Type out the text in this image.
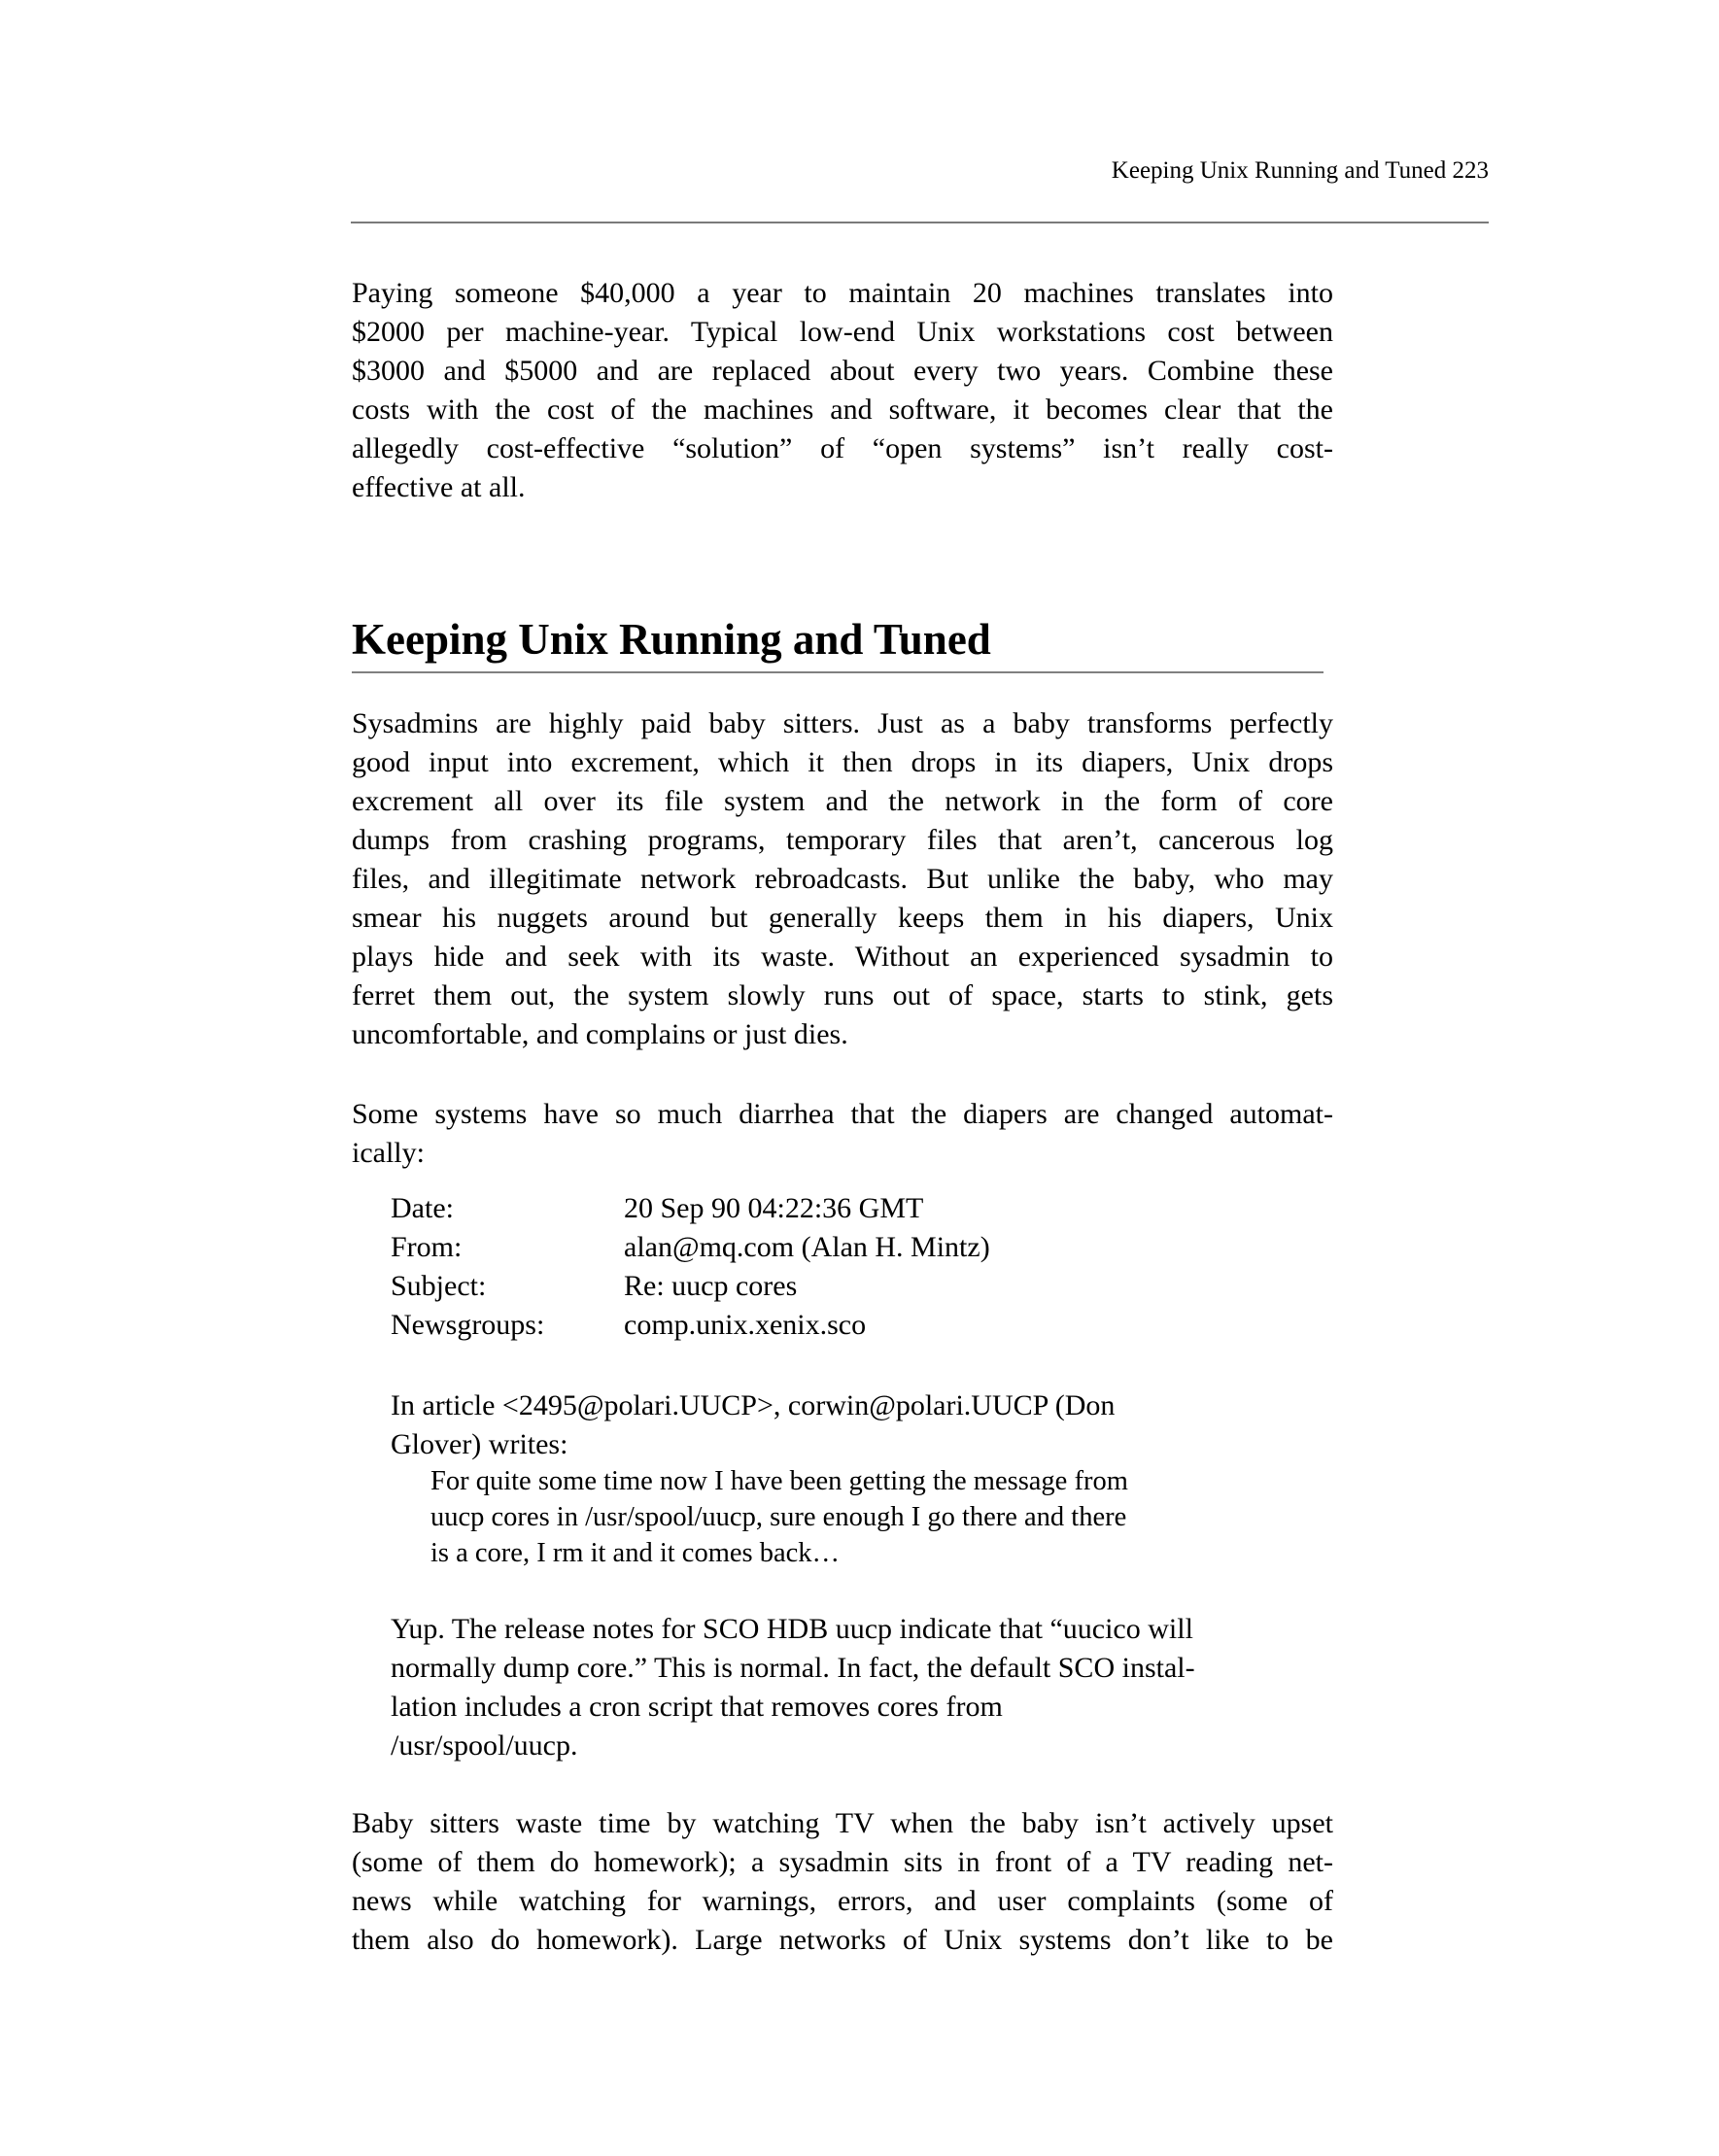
Keeping Unix Running and Tuned 223
Paying someone $40,000 a year to maintain 20 machines translates into
$2000 per machine-year. Typical low-end Unix workstations cost between
$3000 and $5000 and are replaced about every two years. Combine these
costs with the cost of the machines and software, it becomes clear that the
allegedly cost-effective “solution” of “open systems” isn’t really cost-
effective at all.
Keeping Unix Running and Tuned
Sysadmins are highly paid baby sitters. Just as a baby transforms perfectly
good input into excrement, which it then drops in its diapers, Unix drops
excrement all over its file system and the network in the form of core
dumps from crashing programs, temporary files that aren’t, cancerous log
files, and illegitimate network rebroadcasts. But unlike the baby, who may
smear his nuggets around but generally keeps them in his diapers, Unix
plays hide and seek with its waste. Without an experienced sysadmin to
ferret them out, the system slowly runs out of space, starts to stink, gets
uncomfortable, and complains or just dies.
Some systems have so much diarrhea that the diapers are changed automat-
ically:
Date:	20 Sep 90 04:22:36 GMT
From:	alan@mq.com (Alan H. Mintz)
Subject:	Re: uucp cores
Newsgroups:	comp.unix.xenix.sco
In article <2495@polari.UUCP>, corwin@polari.UUCP (Don
Glover) writes:
For quite some time now I have been getting the message from
uucp cores in /usr/spool/uucp, sure enough I go there and there
is a core, I rm it and it comes back…
Yup. The release notes for SCO HDB uucp indicate that “uucico will
normally dump core.” This is normal. In fact, the default SCO instal-
lation includes a cron script that removes cores from
/usr/spool/uucp.
Baby sitters waste time by watching TV when the baby isn’t actively upset
(some of them do homework); a sysadmin sits in front of a TV reading net-
news while watching for warnings, errors, and user complaints (some of
them also do homework). Large networks of Unix systems don’t like to be
